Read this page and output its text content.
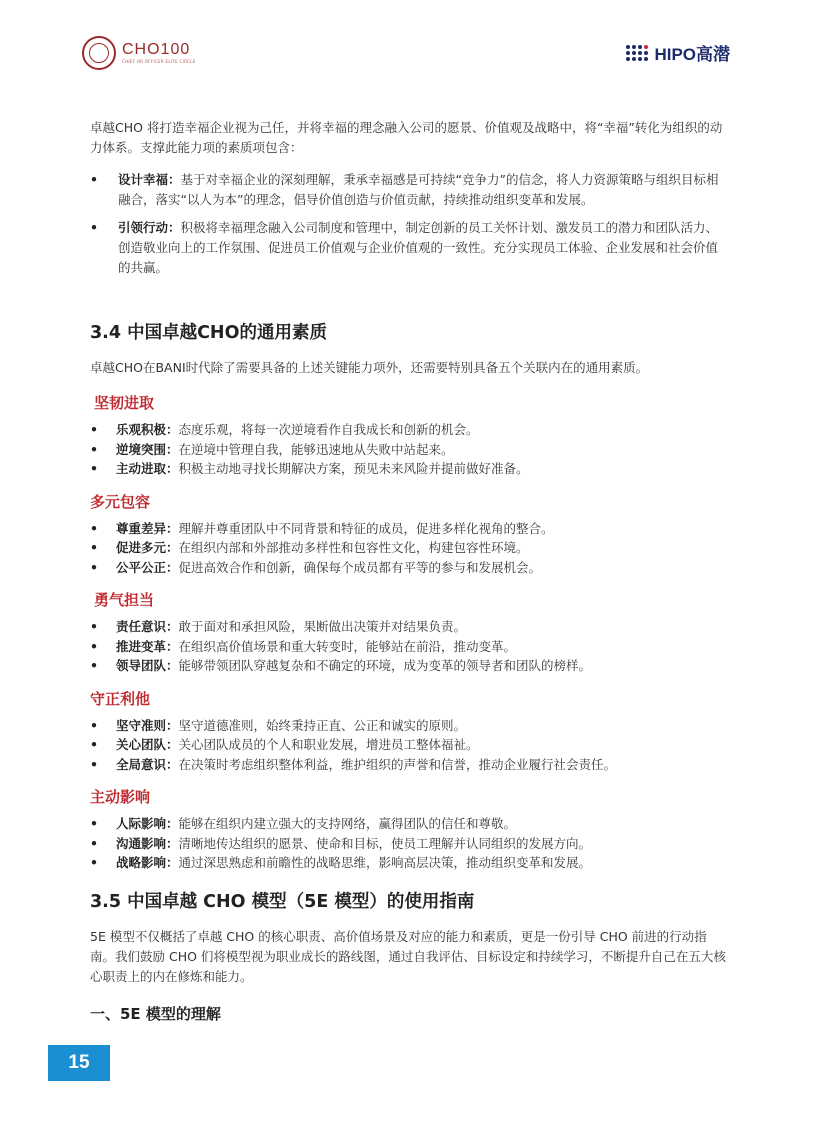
CHO100
CHIEF HR OFFICER ELITE CIRCLE	HIPO高潜

卓越CHO 将打造幸福企业视为己任，并将幸福的理念融入公司的愿景、价值观及战略中，将“幸福”转化为组织的动力体系。支撑此能力项的素质项包含：

• 设计幸福：基于对幸福企业的深刻理解，秉承幸福感是可持续“竞争力”的信念，将人力资源策略与组织目标相融合，落实“以人为本”的理念，倡导价值创造与价值贡献，持续推动组织变革和发展。
• 引领行动：积极将幸福理念融入公司制度和管理中，制定创新的员工关怀计划、激发员工的潜力和团队活力、创造敬业向上的工作氛围、促进员工价值观与企业价值观的一致性。充分实现员工体验、企业发展和社会价值的共赢。
3.4 中国卓越CHO的通用素质

卓越CHO在BANI时代除了需要具备的上述关键能力项外，还需要特别具备五个关联内在的通用素质。

坚韧进取
• 乐观积极：态度乐观，将每一次逆境看作自我成长和创新的机会。
• 逆境突围：在逆境中管理自我，能够迅速地从失败中站起来。
• 主动进取：积极主动地寻找长期解决方案，预见未来风险并提前做好准备。
多元包容
• 尊重差异：理解并尊重团队中不同背景和特征的成员，促进多样化视角的整合。
• 促进多元：在组织内部和外部推动多样性和包容性文化，构建包容性环境。
• 公平公正：促进高效合作和创新，确保每个成员都有平等的参与和发展机会。
勇气担当
• 责任意识：敢于面对和承担风险，果断做出决策并对结果负责。
• 推进变革：在组织高价值场景和重大转变时，能够站在前沿，推动变革。
• 领导团队：能够带领团队穿越复杂和不确定的环境，成为变革的领导者和团队的榜样。
守正利他
• 坚守准则：坚守道德准则，始终秉持正直、公正和诚实的原则。
• 关心团队：关心团队成员的个人和职业发展，增进员工整体福祉。
• 全局意识：在决策时考虑组织整体利益，维护组织的声誉和信誉，推动企业履行社会责任。
主动影响
• 人际影响：能够在组织内建立强大的支持网络，赢得团队的信任和尊敬。
• 沟通影响：清晰地传达组织的愿景、使命和目标，使员工理解并认同组织的发展方向。
• 战略影响：通过深思熟虑和前瞻性的战略思维，影响高层决策，推动组织变革和发展。
3.5 中国卓越 CHO 模型（5E 模型）的使用指南

5E 模型不仅概括了卓越 CHO 的核心职责、高价值场景及对应的能力和素质，更是一份引导 CHO 前进的行动指南。我们鼓励 CHO 们将模型视为职业成长的路线图，通过自我评估、目标设定和持续学习，不断提升自己在五大核心职责上的内在修炼和能力。

一、5E 模型的理解
15
